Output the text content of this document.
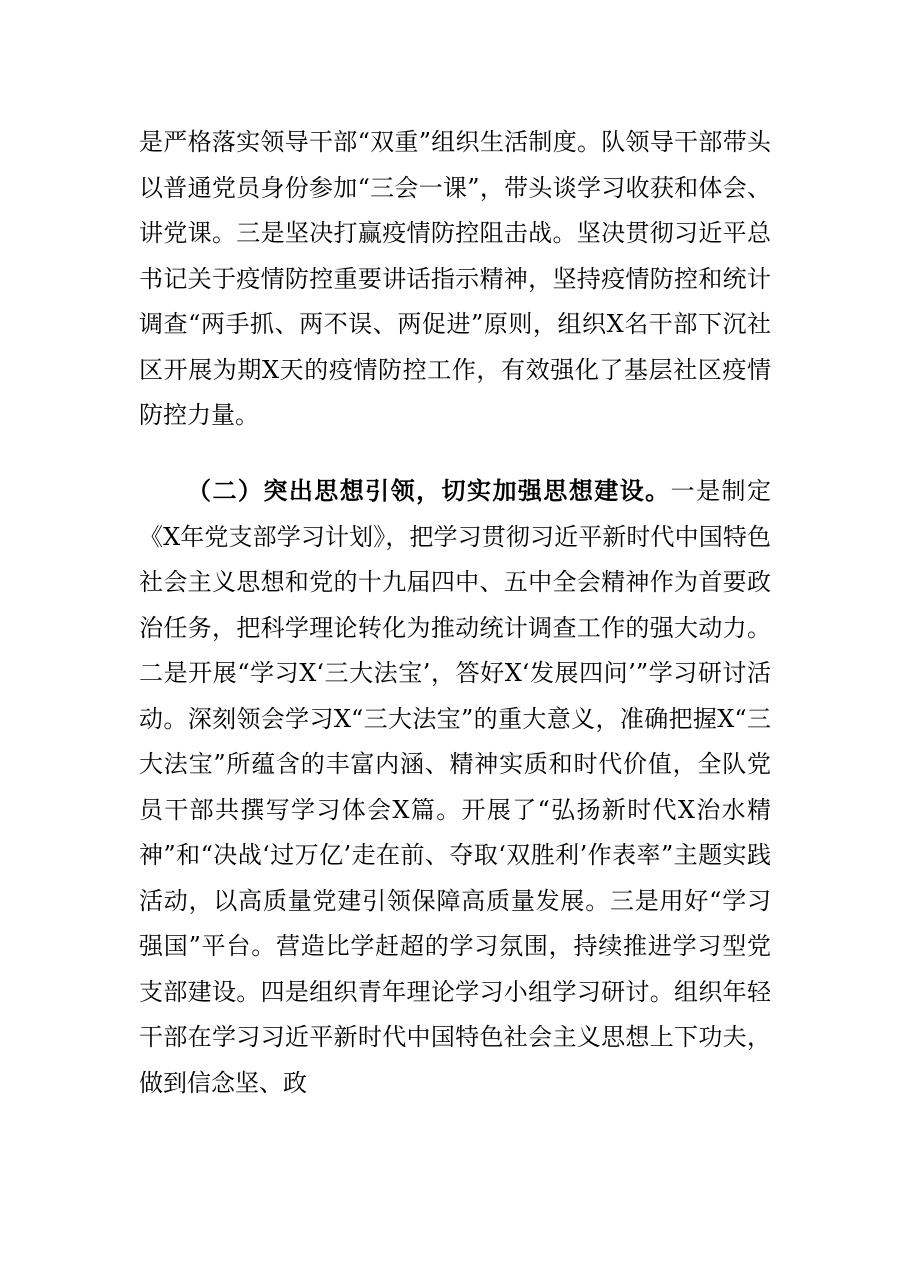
是严格落实领导干部“双重”组织生活制度。队领导干部带头以普通党员身份参加“三会一课”，带头谈学习收获和体会、讲党课。三是坚决打赢疫情防控阻击战。坚决贯彻习近平总书记关于疫情防控重要讲话指示精神，坚持疫情防控和统计调查“两手抓、两不误、两促进”原则，组织X名干部下沉社区开展为期X天的疫情防控工作，有效强化了基层社区疫情防控力量。

（二）突出思想引领，切实加强思想建设。一是制定《X年党支部学习计划》，把学习贯彻习近平新时代中国特色社会主义思想和党的十九届四中、五中全会精神作为首要政治任务，把科学理论转化为推动统计调查工作的强大动力。二是开展“学习X‘三大法宝’，答好X‘发展四问’”学习研讨活动。深刻领会学习X“三大法宝”的重大意义，准确把握X“三大法宝”所蕴含的丰富内涵、精神实质和时代价值，全队党员干部共撰写学习体会X篇。开展了“弘扬新时代X治水精神”和“决战‘过万亿’走在前、夺取‘双胜利’作表率”主题实践活动，以高质量党建引领保障高质量发展。三是用好“学习强国”平台。营造比学赶超的学习氛围，持续推进学习型党支部建设。四是组织青年理论学习小组学习研讨。组织年轻干部在学习习近平新时代中国特色社会主义思想上下功夫，做到信念坚、政
